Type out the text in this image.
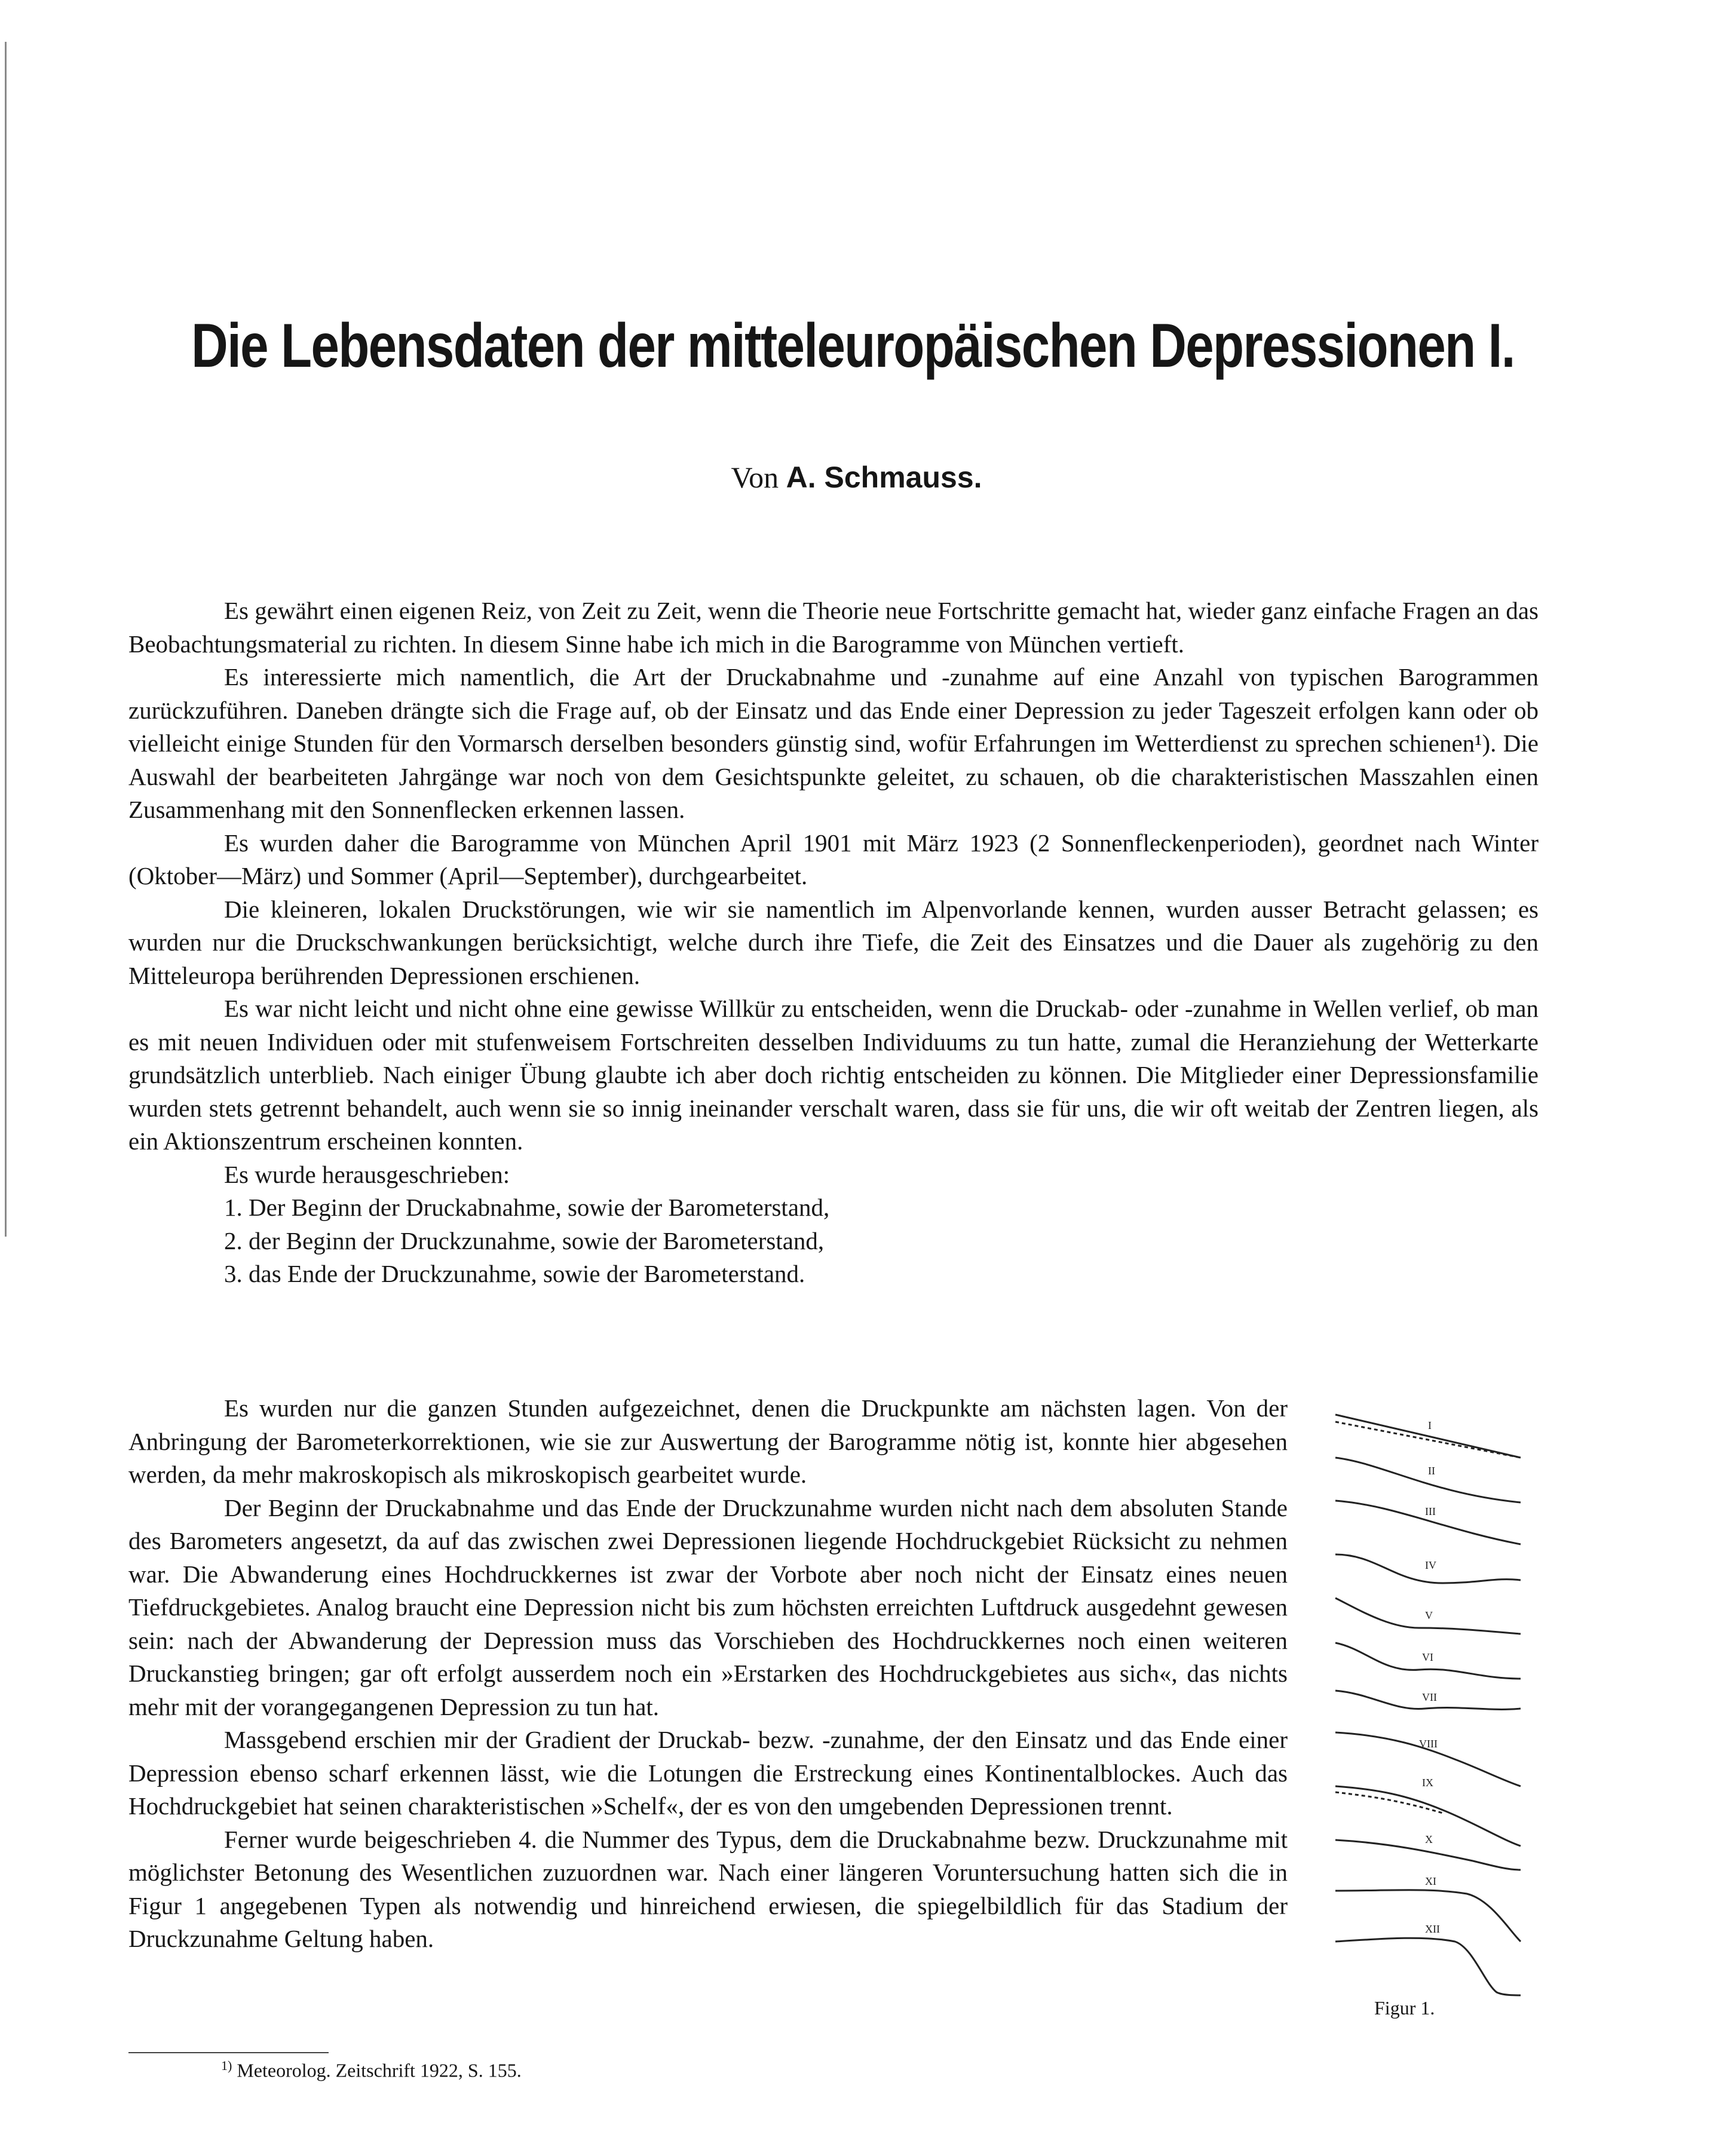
Die Lebensdaten der mitteleuropäischen Depressionen I.
Von A. Schmauss.

Es gewährt einen eigenen Reiz, von Zeit zu Zeit, wenn die Theorie neue Fortschritte gemacht hat, wieder ganz einfache Fragen an das Beobachtungsmaterial zu richten. In diesem Sinne habe ich mich in die Barogramme von München vertieft.

Es interessierte mich namentlich, die Art der Druckabnahme und -zunahme auf eine Anzahl von typischen Barogrammen zurückzuführen. Daneben drängte sich die Frage auf, ob der Einsatz und das Ende einer Depression zu jeder Tageszeit erfolgen kann oder ob vielleicht einige Stunden für den Vormarsch derselben besonders günstig sind, wofür Erfahrungen im Wetterdienst zu sprechen schienen¹). Die Auswahl der bearbeiteten Jahrgänge war noch von dem Gesichtspunkte geleitet, zu schauen, ob die charakteristischen Masszahlen einen Zusammenhang mit den Sonnenflecken erkennen lassen.

Es wurden daher die Barogramme von München April 1901 mit März 1923 (2 Sonnenfleckenperioden), geordnet nach Winter (Oktober—März) und Sommer (April—September), durchgearbeitet.

Die kleineren, lokalen Druckstörungen, wie wir sie namentlich im Alpenvorlande kennen, wurden ausser Betracht gelassen; es wurden nur die Druckschwankungen berücksichtigt, welche durch ihre Tiefe, die Zeit des Einsatzes und die Dauer als zugehörig zu den Mitteleuropa berührenden Depressionen erschienen.

Es war nicht leicht und nicht ohne eine gewisse Willkür zu entscheiden, wenn die Druckab- oder -zunahme in Wellen verlief, ob man es mit neuen Individuen oder mit stufenweisem Fortschreiten desselben Individuums zu tun hatte, zumal die Heranziehung der Wetterkarte grundsätzlich unterblieb. Nach einiger Übung glaubte ich aber doch richtig entscheiden zu können. Die Mitglieder einer Depressionsfamilie wurden stets getrennt behandelt, auch wenn sie so innig ineinander verschalt waren, dass sie für uns, die wir oft weitab der Zentren liegen, als ein Aktionszentrum erscheinen konnten.

Es wurde herausgeschrieben:

1. Der Beginn der Druckabnahme, sowie der Barometerstand,
2. der Beginn der Druckzunahme, sowie der Barometerstand,
3. das Ende der Druckzunahme, sowie der Barometerstand.

Es wurden nur die ganzen Stunden aufgezeichnet, denen die Druckpunkte am nächsten lagen. Von der Anbringung der Barometerkorrektionen, wie sie zur Auswertung der Barogramme nötig ist, konnte hier abgesehen werden, da mehr makroskopisch als mikroskopisch gearbeitet wurde.

Der Beginn der Druckabnahme und das Ende der Druckzunahme wurden nicht nach dem absoluten Stande des Barometers angesetzt, da auf das zwischen zwei Depressionen liegende Hochdruckgebiet Rücksicht zu nehmen war. Die Abwanderung eines Hochdruckkernes ist zwar der Vorbote aber noch nicht der Einsatz eines neuen Tiefdruckgebietes. Analog braucht eine Depression nicht bis zum höchsten erreichten Luftdruck ausgedehnt gewesen sein: nach der Abwanderung der Depression muss das Vorschieben des Hochdruckkernes noch einen weiteren Druckanstieg bringen; gar oft erfolgt ausserdem noch ein »Erstarken des Hochdruckgebietes aus sich«, das nichts mehr mit der vorangegangenen Depression zu tun hat.

Massgebend erschien mir der Gradient der Druckab- bezw. -zunahme, der den Einsatz und das Ende einer Depression ebenso scharf erkennen lässt, wie die Lotungen die Erstreckung eines Kontinentalblockes. Auch das Hochdruckgebiet hat seinen charakteristischen »Schelf«, der es von den umgebenden Depressionen trennt.

Ferner wurde beigeschrieben 4. die Nummer des Typus, dem die Druckabnahme bezw. Druckzunahme mit möglichster Betonung des Wesentlichen zuzuordnen war. Nach einer längeren Voruntersuchung hatten sich die in Figur 1 angegebenen Typen als notwendig und hinreichend erwiesen, die spiegelbildlich für das Stadium der Druckzunahme Geltung haben.

I
II
III
IV
V
VI
VII
VIII
IX
X
XI
XII
Figur 1.
$^{1)}$ Meteorolog. Zeitschrift 1922, S. 155.
